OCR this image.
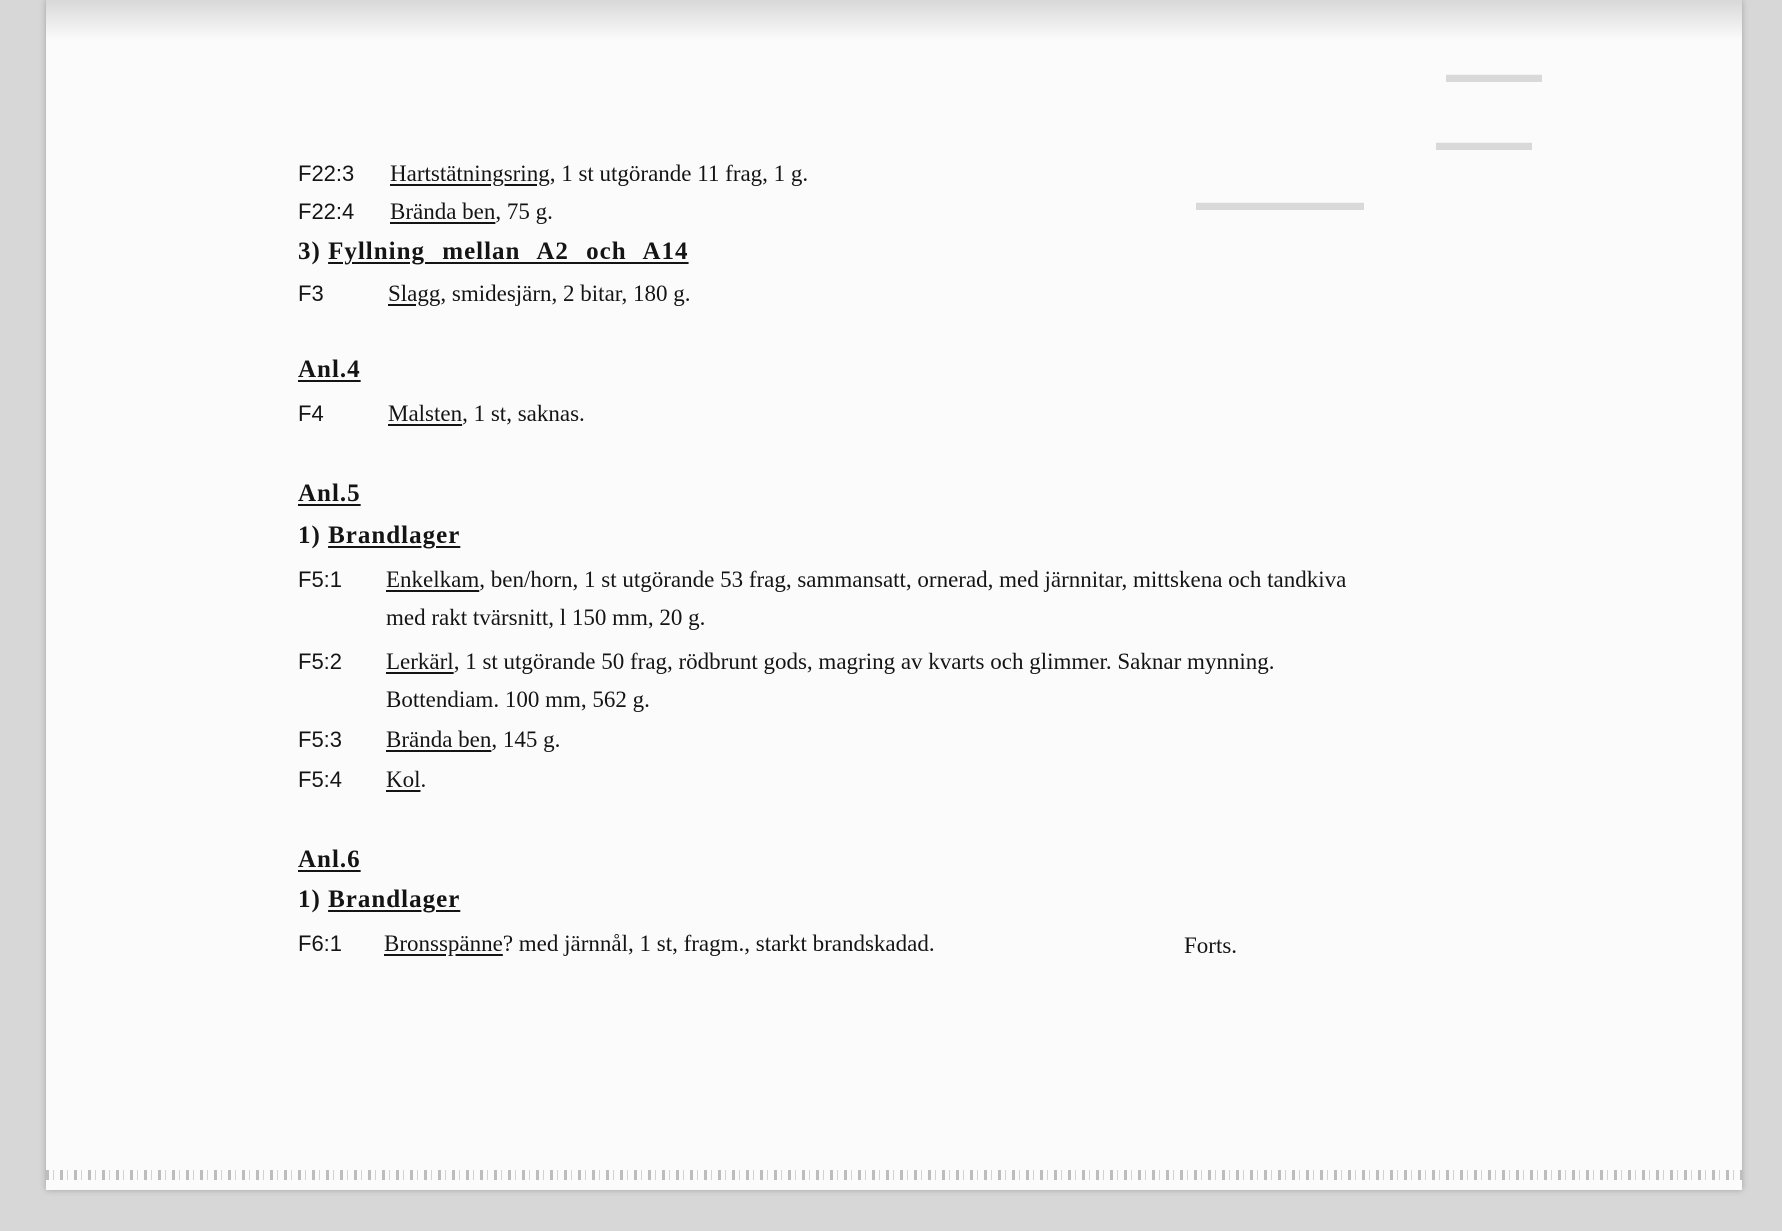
▬▬▬▬
▬▬▬▬
▬▬▬▬▬▬▬
F22:3 Hartstätningsring, 1 st utgörande 11 frag, 1 g.
F22:4 Brända ben, 75 g.
3) Fyllning mellan A2 och A14
F3	Slagg, smidesjärn, 2 bitar, 180 g.
Anl.4
F4	Malsten, 1 st, saknas.
Anl.5
1) Brandlager
F5:1 Enkelkam, ben/horn, 1 st utgörande 53 frag, sammansatt, ornerad, med järnnitar, mittskena och tandkiva
med rakt tvärsnitt, l 150 mm, 20 g.
F5:2 Lerkärl, 1 st utgörande 50 frag, rödbrunt gods, magring av kvarts och glimmer. Saknar mynning.
Bottendiam. 100 mm, 562 g.
F5:3 Brända ben, 145 g.
F5:4 Kol.
Anl.6
1) Brandlager
F6:1 Bronsspänne? med järnnål, 1 st, fragm., starkt brandskadad.	Forts.
